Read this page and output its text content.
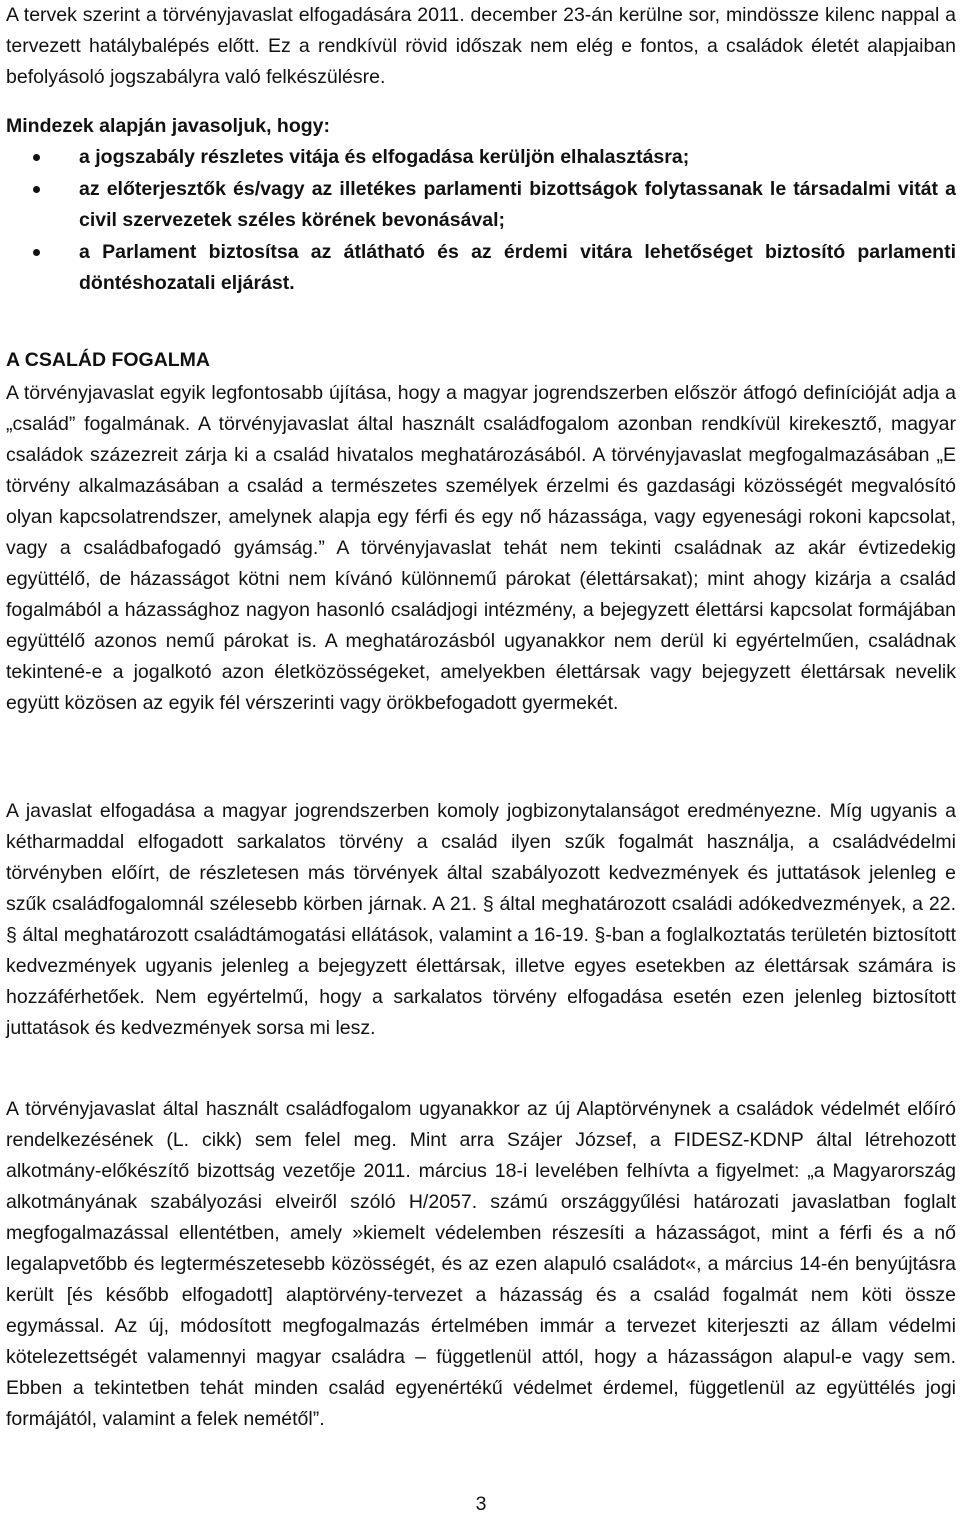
A tervek szerint a törvényjavaslat elfogadására 2011. december 23-án kerülne sor, mindössze kilenc nappal a tervezett hatálybalépés előtt. Ez a rendkívül rövid időszak nem elég e fontos, a családok életét alapjaiban befolyásoló jogszabályra való felkészülésre.

Mindezek alapján javasoljuk, hogy:

a jogszabály részletes vitája és elfogadása kerüljön elhalasztásra;
az előterjesztők és/vagy az illetékes parlamenti bizottságok folytassanak le társadalmi vitát a civil szervezetek széles körének bevonásával;
a Parlament biztosítsa az átlátható és az érdemi vitára lehetőséget biztosító parlamenti döntéshozatali eljárást.
A CSALÁD FOGALMA

A törvényjavaslat egyik legfontosabb újítása, hogy a magyar jogrendszerben először átfogó definícióját adja a „család” fogalmának. A törvényjavaslat által használt családfogalom azonban rendkívül kirekesztő, magyar családok százezreit zárja ki a család hivatalos meghatározásából. A törvényjavaslat megfogalmazásában „E törvény alkalmazásában a család a természetes személyek érzelmi és gazdasági közösségét megvalósító olyan kapcsolatrendszer, amelynek alapja egy férfi és egy nő házassága, vagy egyenesági rokoni kapcsolat, vagy a családbafogadó gyámság.” A törvényjavaslat tehát nem tekinti családnak az akár évtizedekig együttélő, de házasságot kötni nem kívánó különnemű párokat (élettársakat); mint ahogy kizárja a család fogalmából a házassághoz nagyon hasonló családjogi intézmény, a bejegyzett élettársi kapcsolat formájában együttélő azonos nemű párokat is. A meghatározásból ugyanakkor nem derül ki egyértelműen, családnak tekintené-e a jogalkotó azon életközösségeket, amelyekben élettársak vagy bejegyzett élettársak nevelik együtt közösen az egyik fél vérszerinti vagy örökbefogadott gyermekét.

A javaslat elfogadása a magyar jogrendszerben komoly jogbizonytalanságot eredményezne. Míg ugyanis a kétharmaddal elfogadott sarkalatos törvény a család ilyen szűk fogalmát használja, a családvédelmi törvényben előírt, de részletesen más törvények által szabályozott kedvezmények és juttatások jelenleg e szűk családfogalomnál szélesebb körben járnak. A 21. § által meghatározott családi adókedvezmények, a 22. § által meghatározott családtámogatási ellátások, valamint a 16-19. §-ban a foglalkoztatás területén biztosított kedvezmények ugyanis jelenleg a bejegyzett élettársak, illetve egyes esetekben az élettársak számára is hozzáférhetőek. Nem egyértelmű, hogy a sarkalatos törvény elfogadása esetén ezen jelenleg biztosított juttatások és kedvezmények sorsa mi lesz.

A törvényjavaslat által használt családfogalom ugyanakkor az új Alaptörvénynek a családok védelmét előíró rendelkezésének (L. cikk) sem felel meg. Mint arra Szájer József, a FIDESZ-KDNP által létrehozott alkotmány-előkészítő bizottság vezetője 2011. március 18-i levelében felhívta a figyelmet: „a Magyarország alkotmányának szabályozási elveiről szóló H/2057. számú országgyűlési határozati javaslatban foglalt megfogalmazással ellentétben, amely »kiemelt védelemben részesíti a házasságot, mint a férfi és a nő legalapvetőbb és legtermészetesebb közösségét, és az ezen alapuló családot«, a március 14-én benyújtásra került [és később elfogadott] alaptörvény-tervezet a házasság és a család fogalmát nem köti össze egymással. Az új, módosított megfogalmazás értelmében immár a tervezet kiterjeszti az állam védelmi kötelezettségét valamennyi magyar családra – függetlenül attól, hogy a házasságon alapul-e vagy sem. Ebben a tekintetben tehát minden család egyenértékű védelmet érdemel, függetlenül az együttélés jogi formájától, valamint a felek nemétől”.

3
